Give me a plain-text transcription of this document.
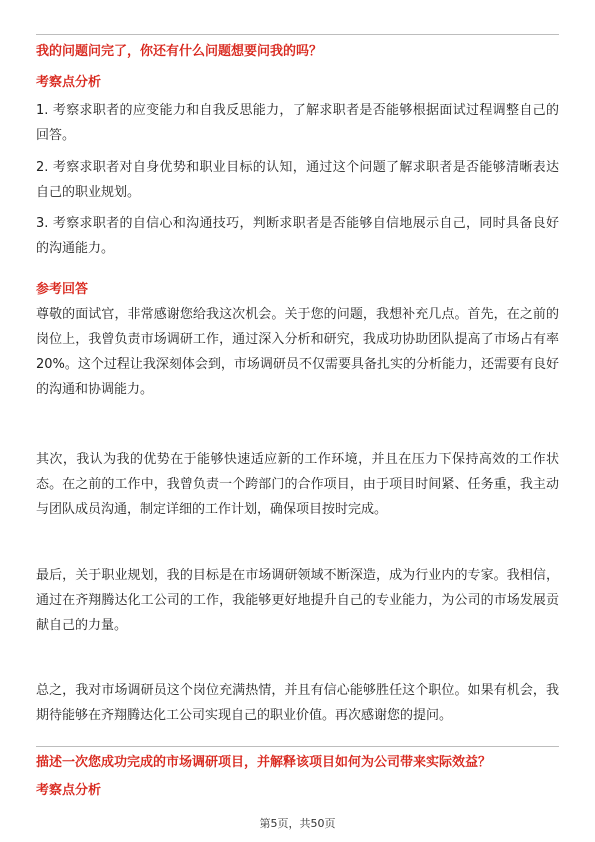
我的问题问完了，你还有什么问题想要问我的吗？
考察点分析

1. 考察求职者的应变能力和自我反思能力，了解求职者是否能够根据面试过程调整自己的回答。

2. 考察求职者对自身优势和职业目标的认知，通过这个问题了解求职者是否能够清晰表达自己的职业规划。

3. 考察求职者的自信心和沟通技巧，判断求职者是否能够自信地展示自己，同时具备良好的沟通能力。

参考回答

尊敬的面试官，非常感谢您给我这次机会。关于您的问题，我想补充几点。首先，在之前的岗位上，我曾负责市场调研工作，通过深入分析和研究，我成功协助团队提高了市场占有率20%。这个过程让我深刻体会到，市场调研员不仅需要具备扎实的分析能力，还需要有良好的沟通和协调能力。

其次，我认为我的优势在于能够快速适应新的工作环境，并且在压力下保持高效的工作状态。在之前的工作中，我曾负责一个跨部门的合作项目，由于项目时间紧、任务重，我主动与团队成员沟通，制定详细的工作计划，确保项目按时完成。

最后，关于职业规划，我的目标是在市场调研领域不断深造，成为行业内的专家。我相信，通过在齐翔腾达化工公司的工作，我能够更好地提升自己的专业能力，为公司的市场发展贡献自己的力量。

总之，我对市场调研员这个岗位充满热情，并且有信心能够胜任这个职位。如果有机会，我期待能够在齐翔腾达化工公司实现自己的职业价值。再次感谢您的提问。

描述一次您成功完成的市场调研项目，并解释该项目如何为公司带来实际效益？
考察点分析
第5页，共50页
